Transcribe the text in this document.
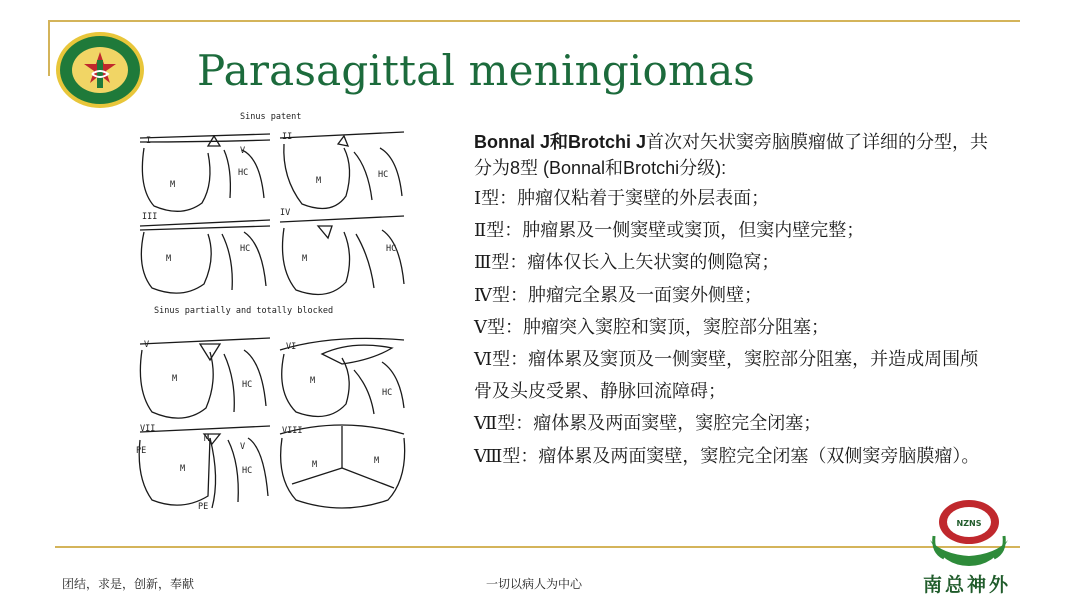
Parasagittal meningiomas
Sinus patent
Sinus partially and totally blocked
I	II
III	IV
V	VI
VII	VIII
M	M
M	M
M	M
M
M
M	M
HC	HC
HC	HC
HC
HC
HC
V
V
PE
PE

Bonnal J和Brotchi J首次对矢状窦旁脑膜瘤做了详细的分型，共分为8型 (Bonnal和Brotchi分级):

Ⅰ型：肿瘤仅粘着于窦壁的外层表面；
Ⅱ型：肿瘤累及一侧窦壁或窦顶，但窦内壁完整；
Ⅲ型：瘤体仅长入上矢状窦的侧隐窝；
Ⅳ型：肿瘤完全累及一面窦外侧壁；
Ⅴ型：肿瘤突入窦腔和窦顶，窦腔部分阻塞；
Ⅵ型：瘤体累及窦顶及一侧窦壁，窦腔部分阻塞，并造成周围颅骨及头皮受累、静脉回流障碍；
Ⅶ型：瘤体累及两面窦壁，窦腔完全闭塞；
Ⅷ型：瘤体累及两面窦壁，窦腔完全闭塞（双侧窦旁脑膜瘤）。
团结，求是，创新，奉献	一切以病人为中心
NZNS
南总神外
